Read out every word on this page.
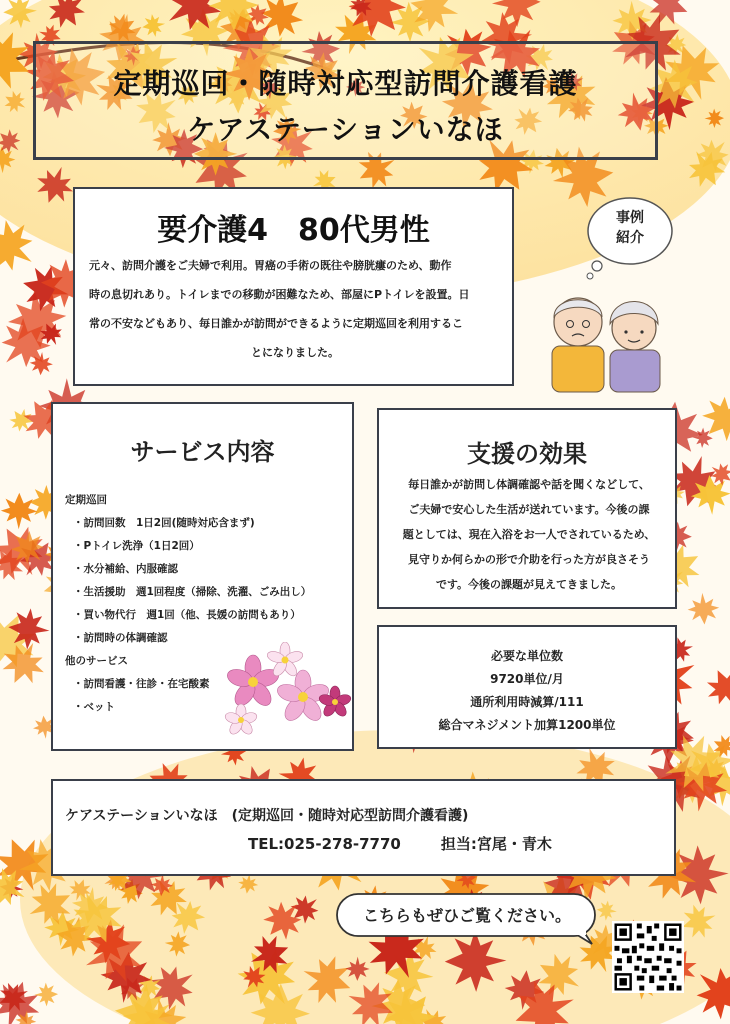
定期巡回・随時対応型訪問介護看護
ケアステーションいなほ
要介護4　80代男性
元々、訪問介護をご夫婦で利用。胃癌の手術の既往や膀胱瘻のため、動作
時の息切れあり。トイレまでの移動が困難なため、部屋にPトイレを設置。日
常の不安などもあり、毎日誰かが訪問ができるように定期巡回を利用するこ
とになりました。
事例
紹介
サービス内容
定期巡回
・訪問回数　1日2回(随時対応含まず)
・Pトイレ洗浄（1日2回）
・水分補給、内服確認
・生活援助　週1回程度（掃除、洗濯、ごみ出し）
・買い物代行　週1回（他、長媛の訪問もあり）
・訪問時の体調確認
他のサービス
・訪問看護・往診・在宅酸素
・ベット
支援の効果
毎日誰かが訪問し体調確認や話を聞くなどして、
ご夫婦で安心した生活が送れています。今後の課
題としては、現在入浴をお一人でされているため、
見守りか何らかの形で介助を行った方が良さそう
です。今後の課題が見えてきました。
必要な単位数
9720単位/月
通所利用時減算/111
総合マネジメント加算1200単位
ケアステーションいなほ　(定期巡回・随時対応型訪問介護看護)
TEL:025-278-7770	担当:宮尾・青木
こちらもぜひご覧ください。
